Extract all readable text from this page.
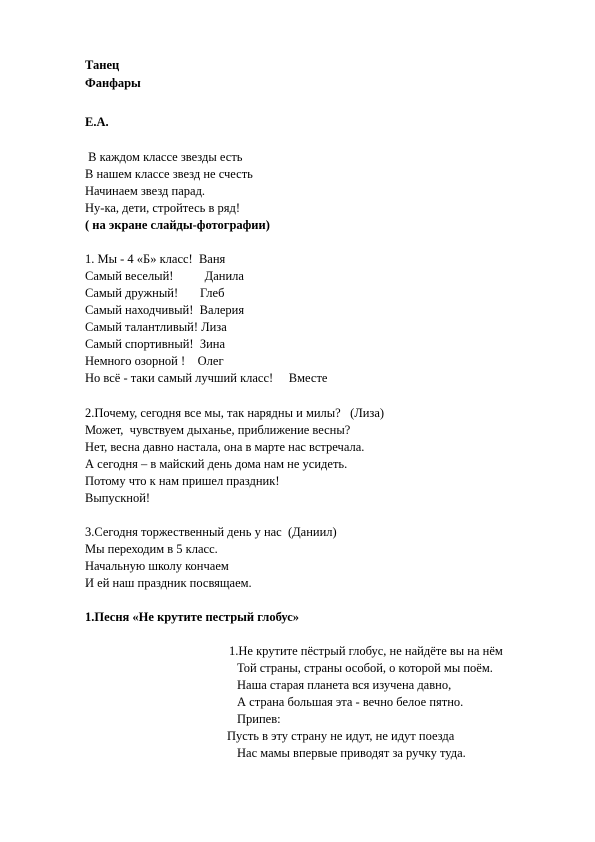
Танец
Фанфары
Е.А.
В каждом классе звезды есть
В нашем классе звезд не счесть
Начинаем звезд парад.
Ну-ка, дети, стройтесь в ряд!
( на экране слайды-фотографии)
1. Мы - 4 «Б» класс!  Ваня
Самый веселый!          Данила
Самый дружный!       Глеб
Самый находчивый!  Валерия
Самый талантливый! Лиза
Самый спортивный!  Зина
Немного озорной !    Олег
Но всё - таки самый лучший класс!     Вместе
2.Почему, сегодня все мы, так нарядны и милы?   (Лиза)
Может,  чувствуем дыханье, приближение весны?
Нет, весна давно настала, она в марте нас встречала.
А сегодня – в майский день дома нам не усидеть.
Потому что к нам пришел праздник!
Выпускной!
3.Сегодня торжественный день у нас  (Даниил)
Мы переходим в 5 класс.
Начальную школу кончаем
И ей наш праздник посвящаем.
1.Песня «Не крутите пестрый глобус»
1.Не крутите пёстрый глобус, не найдёте вы на нём
Той страны, страны особой, о которой мы поём.
Наша старая планета вся изучена давно,
А страна большая эта - вечно белое пятно.
Припев:
Пусть в эту страну не идут, не идут поезда
Нас мамы впервые приводят за ручку туда.
